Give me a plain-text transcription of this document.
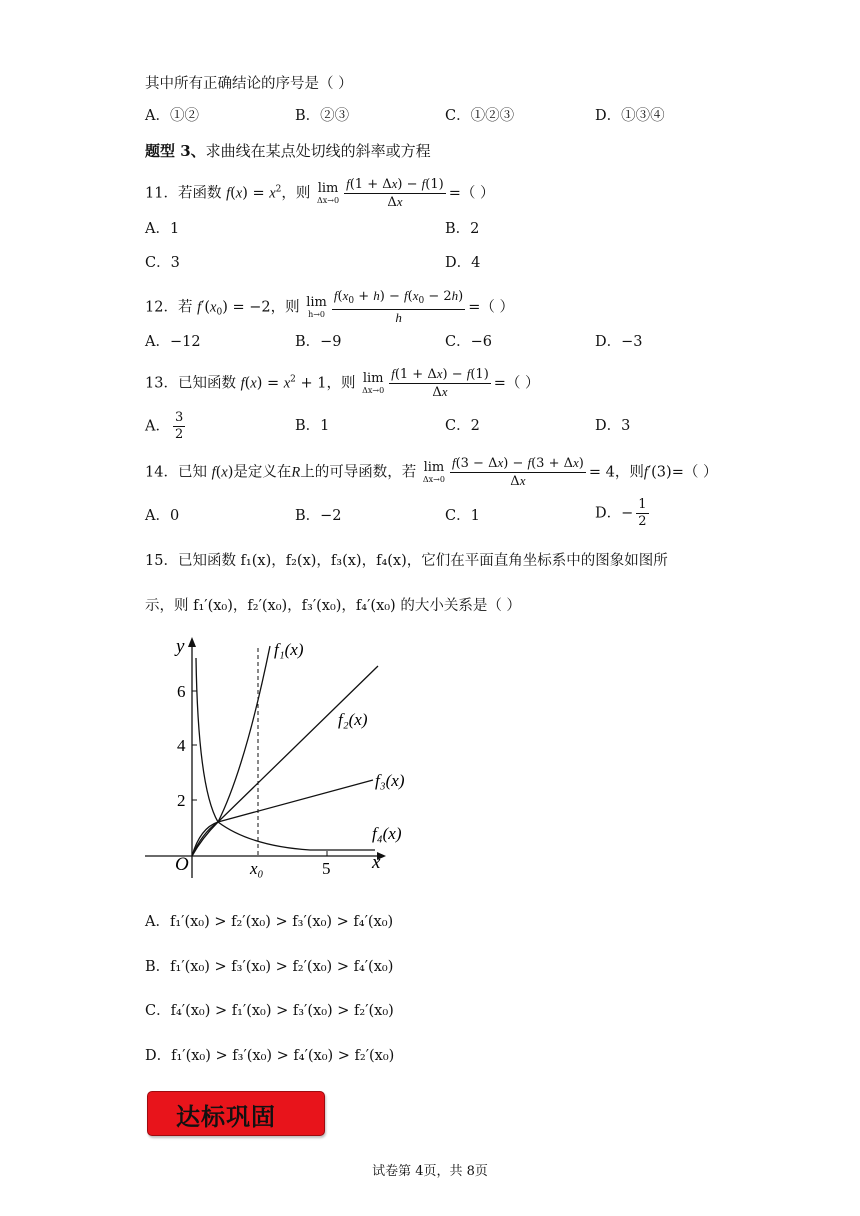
其中所有正确结论的序号是（ ）
A．①②	B．②③	C．①②③	D．①③④
题型 3、求曲线在某点处切线的斜率或方程
11．若函数 $f(x) = x^2$，则 lim
$\Delta x\to 0 \frac{f(1 + \Delta x) - f(1)}{\Delta x}$ =（ ）
A．1	B．2
C．3	D．4
12．若 $f'(x_0) = -2$，则 lim
$h\to 0 \frac{f(x_0 + h) - f(x_0 - 2h)}{h}$ =（ ）
A．−12	B．−9	C．−6	D．−3
13．已知函数 $f(x) = x^2 + 1$，则 lim
$\Delta x\to 0 \frac{f(1 + \Delta x) - f(1)}{\Delta x}$ =（ ）
A． $\frac{3}{2}$	B．1	C．2	D．3
14．已知 f(x)是定义在R上的可导函数，若 lim
$\Delta x\to 0 \frac{f(3 - \Delta x) - f(3 + \Delta x)}{\Delta x} = 4$，则f′(3)=（ ）
A．0	B．−2	C．1	D．− $\frac{1}{2}$
15．已知函数 f₁(x)，f₂(x)，f₃(x)，f₄(x)，它们在平面直角坐标系中的图象如图所
示，则 f₁′(x₀)，f₂′(x₀)，f₃′(x₀)，f₄′(x₀) 的大小关系是（ ）
y
x
O
2
4
6
5
x₀
f₁(x)
f₂(x)
f₃(x)
f₄(x)
A．f₁′(x₀) > f₂′(x₀) > f₃′(x₀) > f₄′(x₀)
B．f₁′(x₀) > f₃′(x₀) > f₂′(x₀) > f₄′(x₀)
C．f₄′(x₀) > f₁′(x₀) > f₃′(x₀) > f₂′(x₀)
D．f₁′(x₀) > f₃′(x₀) > f₄′(x₀) > f₂′(x₀)
达标巩固
试卷第 4页，共 8页
